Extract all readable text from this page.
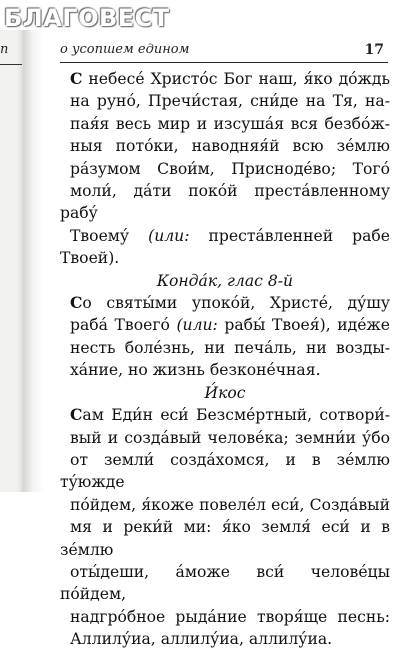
БЛАГОВЕСТ
п	о усопшем едином	17

С небесе́ Христо́с Бог наш, я́ко до́ждь
на руно́, Пречи́стая, сни́де на Тя, на-
пая́я весь мир и изсуша́я вся безбо́ж-
ныя пото́ки, наводняя́й всю зе́млю
ра́зумом Свои́м, Присноде́во; Того́
моли́, да́ти поко́й преста́вленному рабу́
Твоему́ (или: преста́вленней рабе Твоей).

Конда́к, глас 8-й

Со святы́ми упоко́й, Христе́, ду́шу
раба́ Твоего́ (или: рабы́ Твоея́), иде́же
несть боле́знь, ни печа́ль, ни возды-
ха́ние, но жизнь безконе́чная.

И́кос

Сам Еди́н еси́ Безсме́ртный, сотвори́-
вый и созда́вый челове́ка; земни́и у́бо
от земли́ созда́хомся, и в зе́млю ту́южде
по́йдем, я́коже повеле́л еси́, Созда́вый
мя и реки́й ми: я́ко земля́ еси́ и в зе́млю
оты́деши, а́може вси́ челове́цы по́йдем,
надгро́бное рыда́ние творя́ще песнь:
Аллилу́иа, аллилу́иа, аллилу́иа.
